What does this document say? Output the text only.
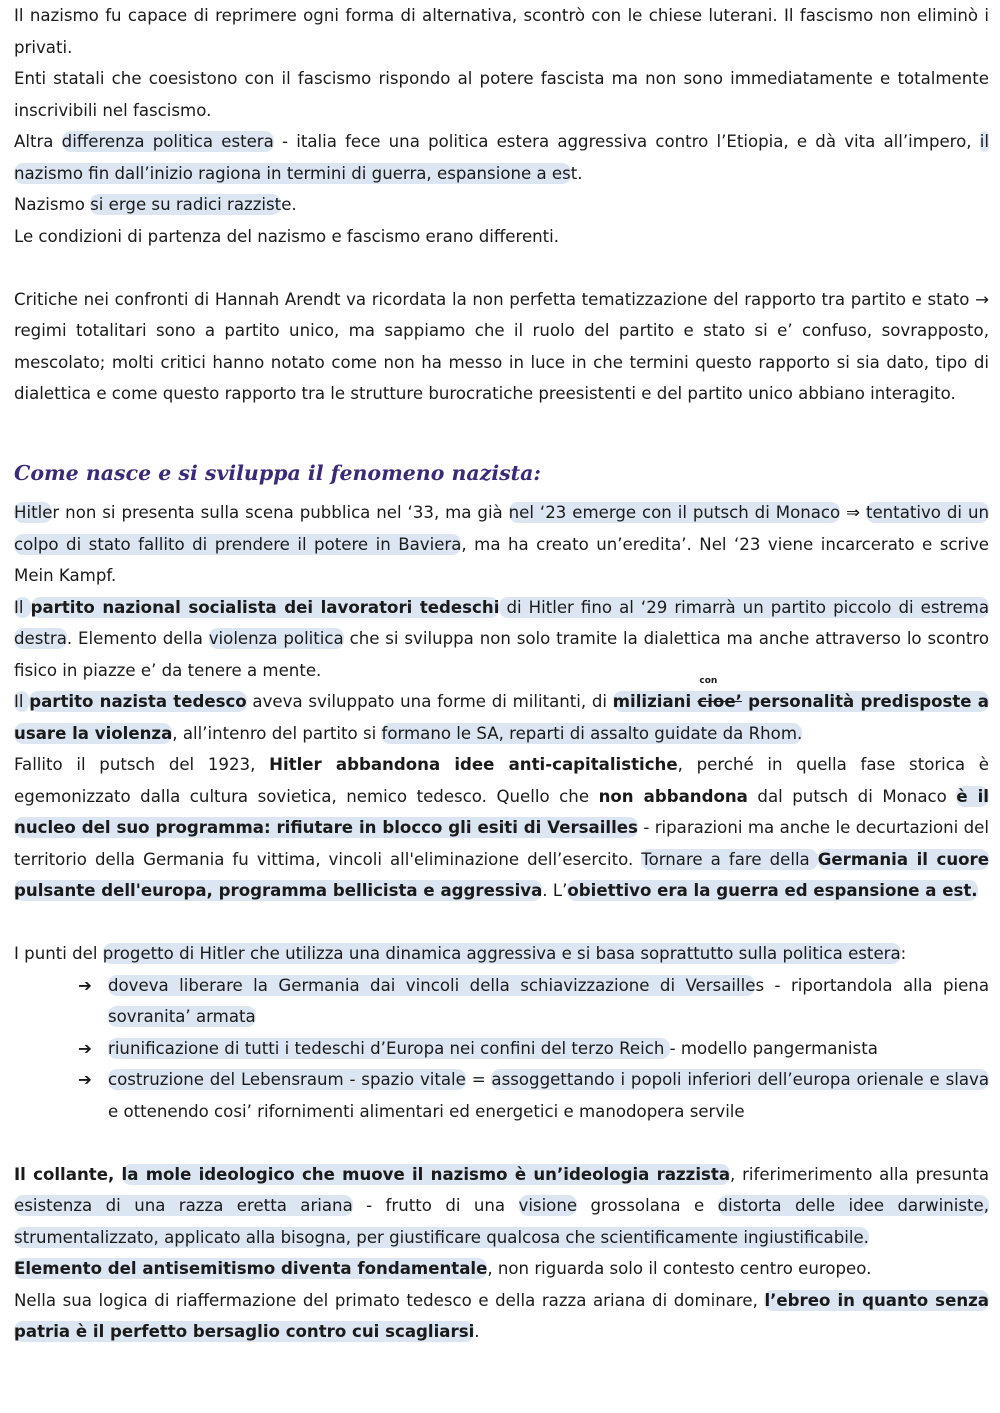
Il nazismo fu capace di reprimere ogni forma di alternativa, scontrò con le chiese luterani. Il fascismo non eliminò i privati.

Enti statali che coesistono con il fascismo rispondo al potere fascista ma non sono immediatamente e totalmente inscrivibili nel fascismo.

Altra differenza politica estera - italia fece una politica estera aggressiva contro l’Etiopia, e dà vita all’impero, il nazismo fin dall’inizio ragiona in termini di guerra, espansione a est.

Nazismo si erge su radici razziste.

Le condizioni di partenza del nazismo e fascismo erano differenti.

Critiche nei confronti di Hannah Arendt va ricordata la non perfetta tematizzazione del rapporto tra partito e stato → regimi totalitari sono a partito unico, ma sappiamo che il ruolo del partito e stato si e’ confuso, sovrapposto, mescolato; molti critici hanno notato come non ha messo in luce in che termini questo rapporto si sia dato, tipo di dialettica e come questo rapporto tra le strutture burocratiche preesistenti e del partito unico abbiano interagito.

Come nasce e si sviluppa il fenomeno nazista:

Hitler non si presenta sulla scena pubblica nel ‘33, ma già nel ‘23 emerge con il putsch di Monaco ⇒ tentativo di un colpo di stato fallito di prendere il potere in Baviera, ma ha creato un’eredita’. Nel ‘23 viene incarcerato e scrive Mein Kampf.

Il partito nazional socialista dei lavoratori tedeschi di Hitler fino al ‘29 rimarrà un partito piccolo di estrema destra. Elemento della violenza politica che si sviluppa non solo tramite la dialettica ma anche attraverso lo scontro fisico in piazze e’ da tenere a mente.

Il partito nazista tedesco aveva sviluppato una forme di militanti, di miliziani cioe’
con
personalità predisposte a usare la violenza, all’intenro del partito si formano le SA, reparti di assalto guidate da Rhom.

Fallito il putsch del 1923, Hitler abbandona idee anti-capitalistiche, perché in quella fase storica è egemonizzato dalla cultura sovietica, nemico tedesco. Quello che non abbandona dal putsch di Monaco è il nucleo del suo programma: rifiutare in blocco gli esiti di Versailles - riparazioni ma anche le decurtazioni del territorio della Germania fu vittima, vincoli all'eliminazione dell’esercito. Tornare a fare della Germania il cuore pulsante dell'europa, programma bellicista e aggressiva. L’obiettivo era la guerra ed espansione a est.

I punti del progetto di Hitler che utilizza una dinamica aggressiva e si basa soprattutto sulla politica estera:

➔ doveva liberare la Germania dai vincoli della schiavizzazione di Versailles - riportandola alla piena sovranita’ armata
➔ riunificazione di tutti i tedeschi d’Europa nei confini del terzo Reich - modello pangermanista
➔ costruzione del Lebensraum - spazio vitale = assoggettando i popoli inferiori dell’europa orienale e slava e ottenendo cosi’ rifornimenti alimentari ed energetici e manodopera servile

Il collante, la mole ideologico che muove il nazismo è un’ideologia razzista, riferimerimento alla presunta esistenza di una razza eretta ariana - frutto di una visione grossolana e distorta delle idee darwiniste, strumentalizzato, applicato alla bisogna, per giustificare qualcosa che scientificamente ingiustificabile.

Elemento del antisemitismo diventa fondamentale, non riguarda solo il contesto centro europeo.

Nella sua logica di riaffermazione del primato tedesco e della razza ariana di dominare, l’ebreo in quanto senza patria è il perfetto bersaglio contro cui scagliarsi.
